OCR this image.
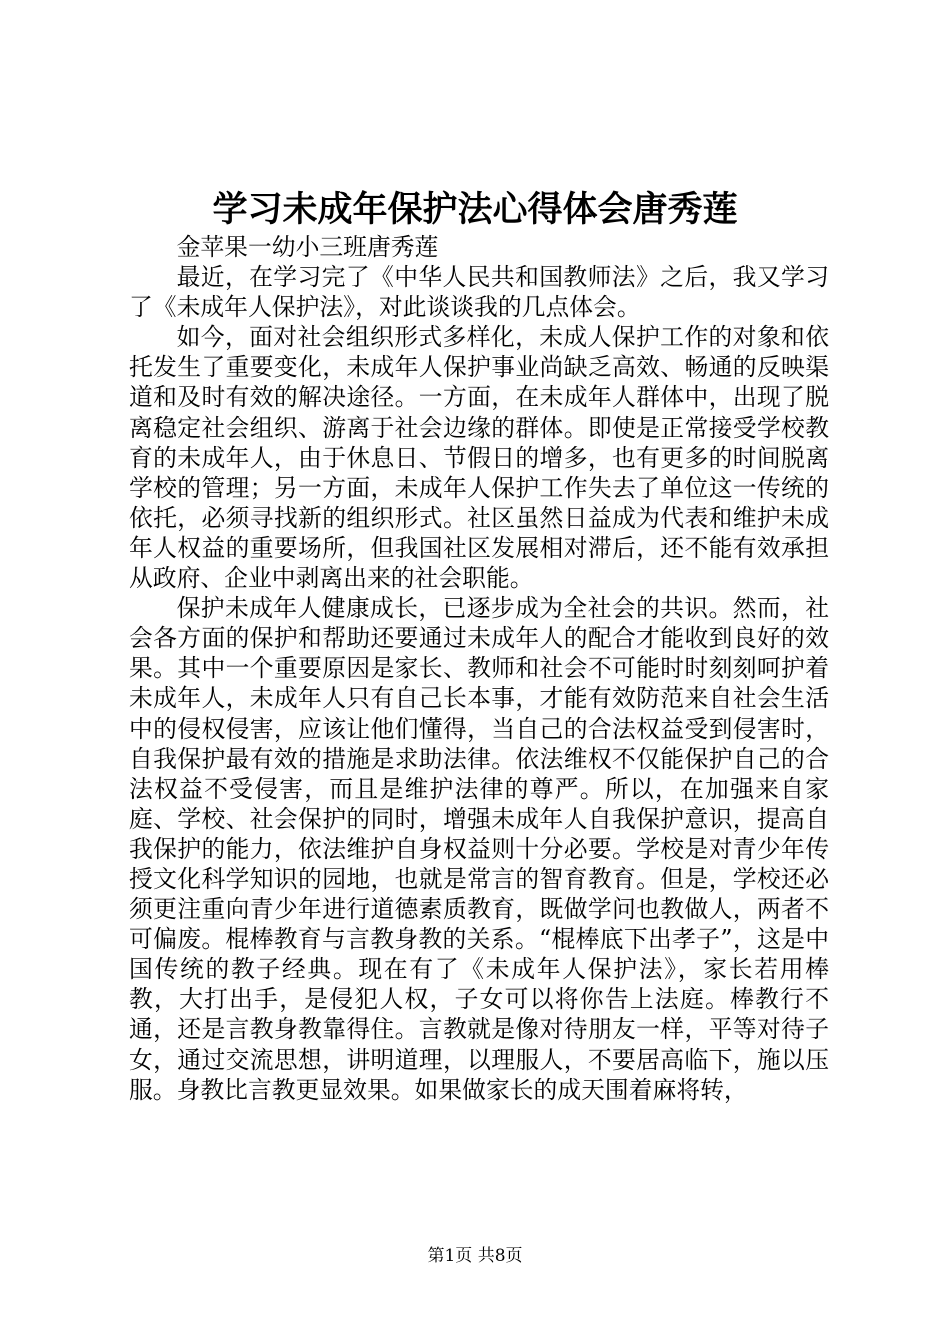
学习未成年保护法心得体会唐秀莲

金苹果一幼小三班唐秀莲

最近，在学习完了《中华人民共和国教师法》之后，我又学习了《未成年人保护法》，对此谈谈我的几点体会。

如今，面对社会组织形式多样化，未成人保护工作的对象和依托发生了重要变化，未成年人保护事业尚缺乏高效、畅通的反映渠道和及时有效的解决途径。一方面，在未成年人群体中，出现了脱离稳定社会组织、游离于社会边缘的群体。即使是正常接受学校教育的未成年人，由于休息日、节假日的增多，也有更多的时间脱离学校的管理；另一方面，未成年人保护工作失去了单位这一传统的依托，必须寻找新的组织形式。社区虽然日益成为代表和维护未成年人权益的重要场所，但我国社区发展相对滞后，还不能有效承担从政府、企业中剥离出来的社会职能。

保护未成年人健康成长，已逐步成为全社会的共识。然而，社会各方面的保护和帮助还要通过未成年人的配合才能收到良好的效果。其中一个重要原因是家长、教师和社会不可能时时刻刻呵护着未成年人，未成年人只有自己长本事，才能有效防范来自社会生活中的侵权侵害，应该让他们懂得，当自己的合法权益受到侵害时，自我保护最有效的措施是求助法律。依法维权不仅能保护自己的合法权益不受侵害，而且是维护法律的尊严。所以，在加强来自家庭、学校、社会保护的同时，增强未成年人自我保护意识，提高自我保护的能力，依法维护自身权益则十分必要。学校是对青少年传授文化科学知识的园地，也就是常言的智育教育。但是，学校还必须更注重向青少年进行道德素质教育，既做学问也教做人，两者不可偏废。棍棒教育与言教身教的关系。“棍棒底下出孝子”，这是中国传统的教子经典。现在有了《未成年人保护法》，家长若用棒教，大打出手，是侵犯人权，子女可以将你告上法庭。棒教行不通，还是言教身教靠得住。言教就是像对待朋友一样，平等对待子女，通过交流思想，讲明道理，以理服人，不要居高临下，施以压服。身教比言教更显效果。如果做家长的成天围着麻将转，

第1页 共8页
